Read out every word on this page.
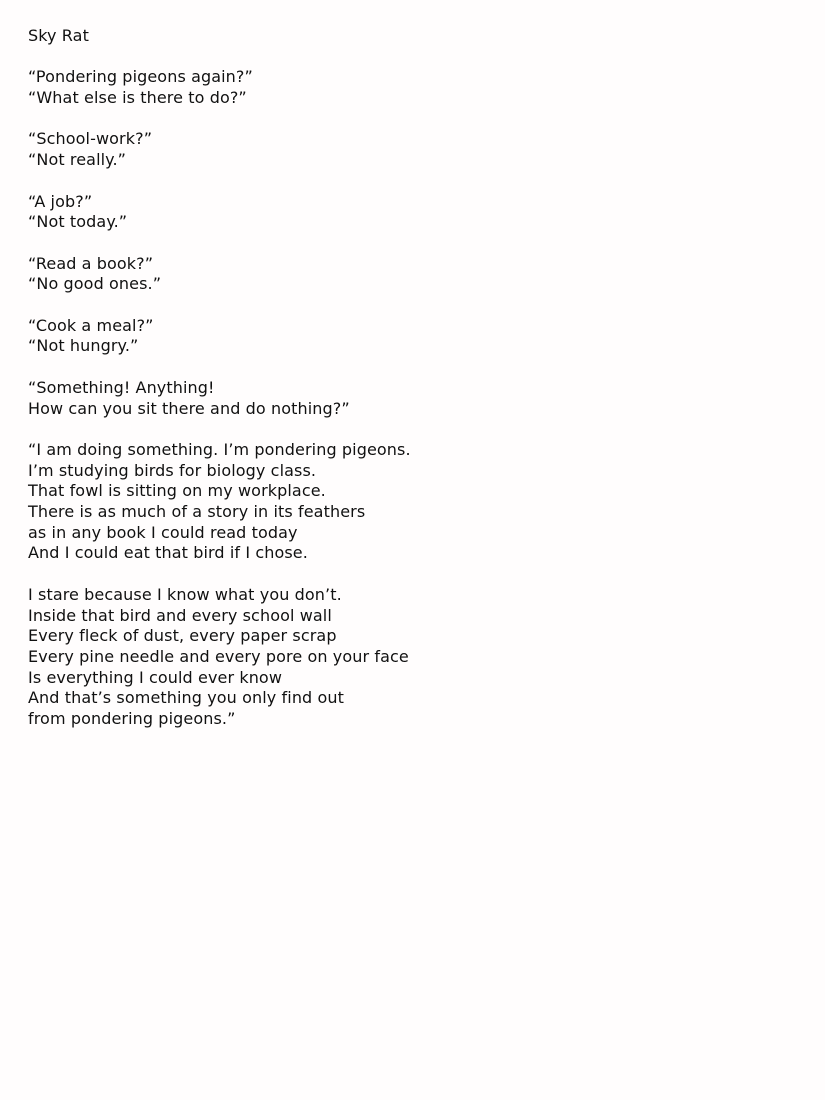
Sky Rat
“Pondering pigeons again?”
“What else is there to do?”
“School-work?”
“Not really.”
“A job?”
“Not today.”
“Read a book?”
“No good ones.”
“Cook a meal?”
“Not hungry.”
“Something! Anything!
How can you sit there and do nothing?”
“I am doing something. I’m pondering pigeons.
I’m studying birds for biology class.
That fowl is sitting on my workplace.
There is as much of a story in its feathers
as in any book I could read today
And I could eat that bird if I chose.
I stare because I know what you don’t.
Inside that bird and every school wall
Every fleck of dust, every paper scrap
Every pine needle and every pore on your face
Is everything I could ever know
And that’s something you only find out
from pondering pigeons.”
